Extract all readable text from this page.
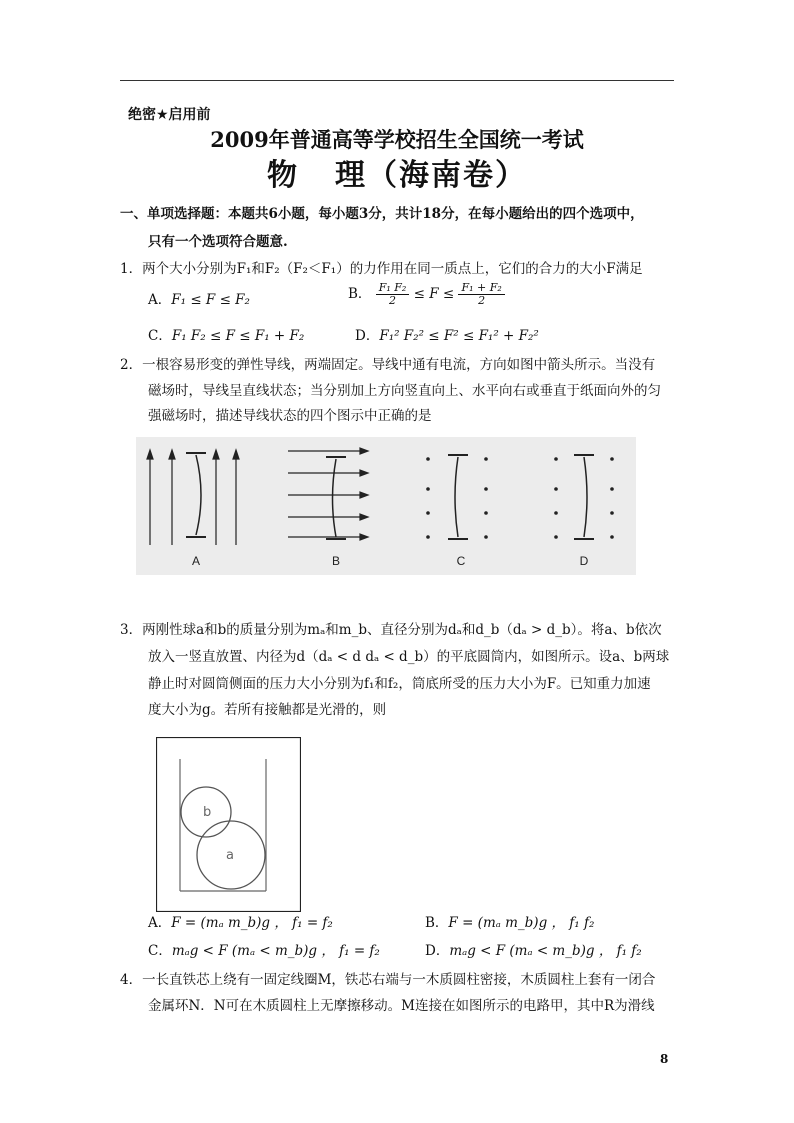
绝密★启用前
2009年普通高等学校招生全国统一考试
物 理（海南卷）
一、单项选择题：本题共6小题，每小题3分，共计18分，在每小题给出的四个选项中，
只有一个选项符合题意.
1．两个大小分别为F₁和F₂（F₂＜F₁）的力作用在同一质点上，它们的合力的大小F满足
A．F₁ ≤ F ≤ F₂	B． $\frac{\text{F₁ F₂}}{2} \le F \le \frac{\text{F₁ + F₂}}{2}$
C．F₁ F₂ ≤ F ≤ F₁ + F₂	D．F₁² F₂² ≤ F² ≤ F₁² + F₂²
2．一根容易形变的弹性导线，两端固定。导线中通有电流，方向如图中箭头所示。当没有
磁场时，导线呈直线状态；当分别加上方向竖直向上、水平向右或垂直于纸面向外的匀
强磁场时，描述导线状态的四个图示中正确的是
A	B	C	D
3．两刚性球a和b的质量分别为mₐ和m_b、直径分别为dₐ和d_b（dₐ > d_b）。将a、b依次
放入一竖直放置、内径为d（dₐ < d dₐ < d_b）的平底圆筒内，如图所示。设a、b两球
静止时对圆筒侧面的压力大小分别为f₁和f₂，筒底所受的压力大小为F。已知重力加速
度大小为g。若所有接触都是光滑的，则
b
a
A．F = (mₐ m_b)g ， f₁ = f₂	B．F = (mₐ m_b)g ， f₁ f₂
C．mₐg < F (mₐ < m_b)g ， f₁ = f₂	D．mₐg < F (mₐ < m_b)g ， f₁ f₂
4．一长直铁芯上绕有一固定线圈M，铁芯右端与一木质圆柱密接，木质圆柱上套有一闭合
金属环N．N可在木质圆柱上无摩擦移动。M连接在如图所示的电路甲，其中R为滑线
8
